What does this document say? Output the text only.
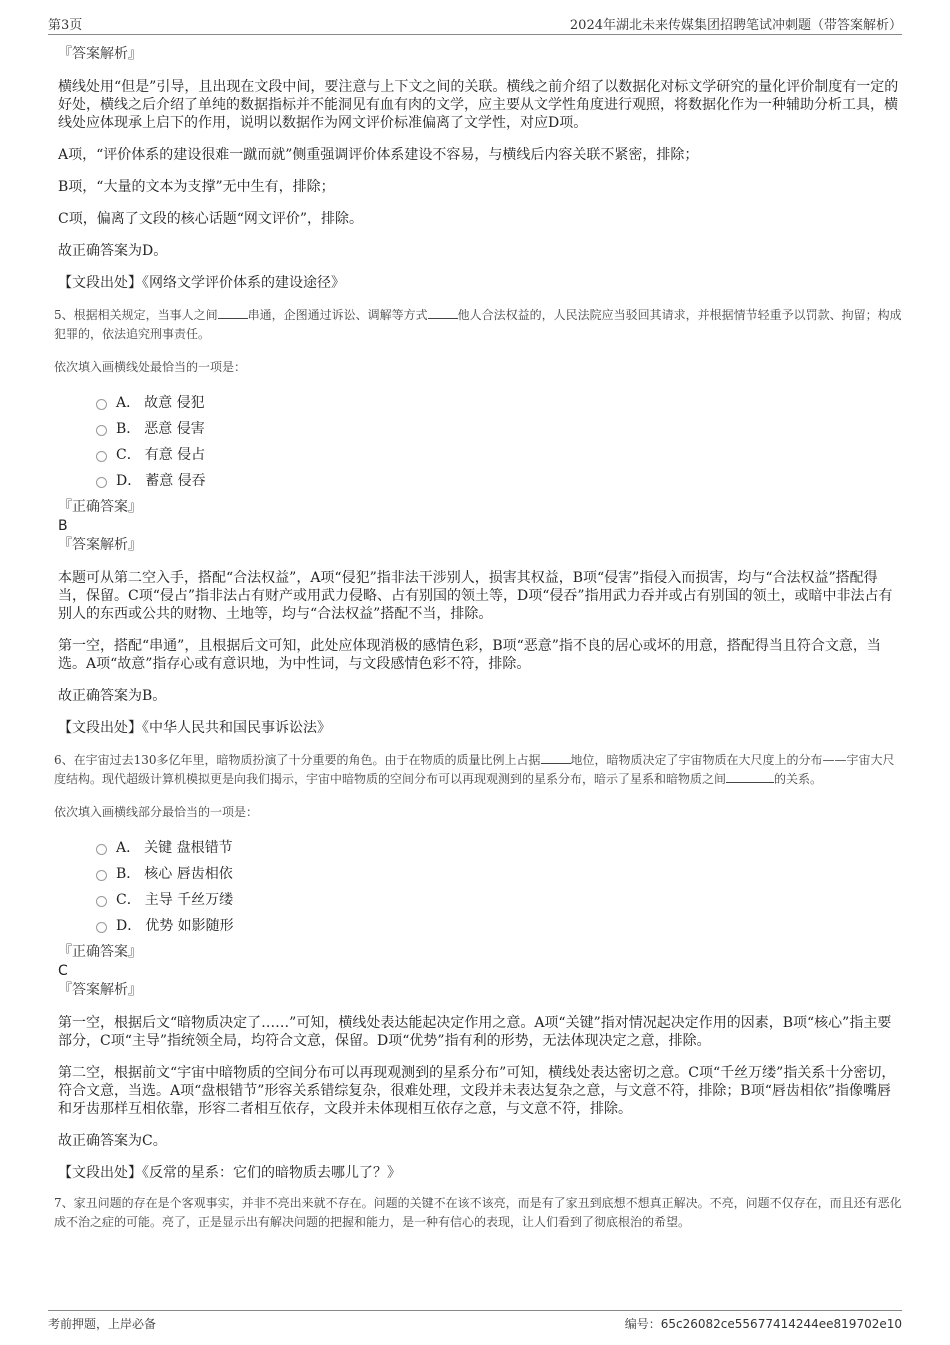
第3页	2024年湖北未来传媒集团招聘笔试冲刺题（带答案解析）
『答案解析』
横线处用“但是”引导，且出现在文段中间，要注意与上下文之间的关联。横线之前介绍了以数据化对标文学研究的量化评价制度有一定的好处，横线之后介绍了单纯的数据指标并不能洞见有血有肉的文学，应主要从文学性角度进行观照，将数据化作为一种辅助分析工具，横线处应体现承上启下的作用，说明以数据作为网文评价标准偏离了文学性，对应D项。
A项，“评价体系的建设很难一蹴而就”侧重强调评价体系建设不容易，与横线后内容关联不紧密，排除；
B项，“大量的文本为支撑”无中生有，排除；
C项，偏离了文段的核心话题“网文评价”，排除。
故正确答案为D。
【文段出处】《网络文学评价体系的建设途径》
5、根据相关规定，当事人之间	串通，企图通过诉讼、调解等方式	他人合法权益的，人民法院应当驳回其请求，并根据情节轻重予以罚款、拘留；构成犯罪的，依法追究刑事责任。
依次填入画横线处最恰当的一项是：
A． 故意 侵犯
B． 恶意 侵害
C． 有意 侵占
D． 蓄意 侵吞
『正确答案』
B
『答案解析』
本题可从第二空入手，搭配“合法权益”，A项“侵犯”指非法干涉别人，损害其权益，B项“侵害”指侵入而损害，均与“合法权益”搭配得当，保留。C项“侵占”指非法占有财产或用武力侵略、占有别国的领土等，D项“侵吞”指用武力吞并或占有别国的领土，或暗中非法占有别人的东西或公共的财物、土地等，均与“合法权益”搭配不当，排除。
第一空，搭配“串通”，且根据后文可知，此处应体现消极的感情色彩，B项“恶意”指不良的居心或坏的用意，搭配得当且符合文意，当选。A项“故意”指存心或有意识地，为中性词，与文段感情色彩不符，排除。
故正确答案为B。
【文段出处】《中华人民共和国民事诉讼法》
6、在宇宙过去130多亿年里，暗物质扮演了十分重要的角色。由于在物质的质量比例上占据	地位，暗物质决定了宇宙物质在大尺度上的分布——宇宙大尺度结构。现代超级计算机模拟更是向我们揭示，宇宙中暗物质的空间分布可以再现观测到的星系分布，暗示了星系和暗物质之间	的关系。
依次填入画横线部分最恰当的一项是：
A． 关键 盘根错节
B． 核心 唇齿相依
C． 主导 千丝万缕
D． 优势 如影随形
『正确答案』
C
『答案解析』
第一空，根据后文“暗物质决定了……”可知，横线处表达能起决定作用之意。A项“关键”指对情况起决定作用的因素，B项“核心”指主要部分，C项“主导”指统领全局，均符合文意，保留。D项“优势”指有利的形势，无法体现决定之意，排除。
第二空，根据前文“宇宙中暗物质的空间分布可以再现观测到的星系分布”可知，横线处表达密切之意。C项“千丝万缕”指关系十分密切，符合文意，当选。A项“盘根错节”形容关系错综复杂，很难处理，文段并未表达复杂之意，与文意不符，排除；B项“唇齿相依”指像嘴唇和牙齿那样互相依靠，形容二者相互依存，文段并未体现相互依存之意，与文意不符，排除。
故正确答案为C。
【文段出处】《反常的星系：它们的暗物质去哪儿了？》
7、家丑问题的存在是个客观事实，并非不亮出来就不存在。问题的关键不在该不该亮，而是有了家丑到底想不想真正解决。不亮，问题不仅存在，而且还有恶化成不治之症的可能。亮了，正是显示出有解决问题的把握和能力，是一种有信心的表现，让人们看到了彻底根治的希望。
考前押题，上岸必备	编号：65c26082ce55677414244ee819702e10
